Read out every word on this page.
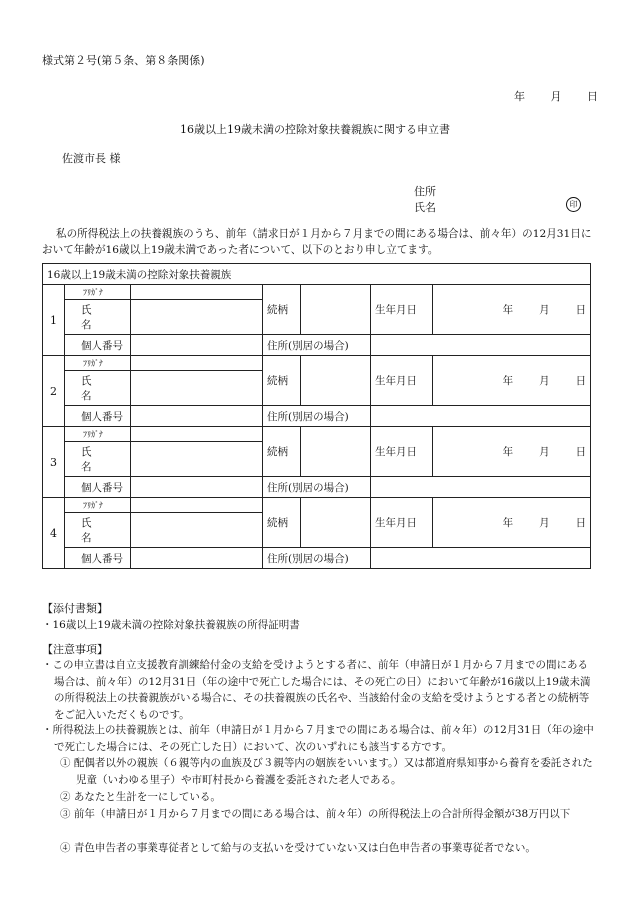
様式第２号(第５条、第８条関係)
年 月 日
16歳以上19歳未満の控除対象扶養親族に関する申立書
佐渡市長 様
住所
氏名	印
私の所得税法上の扶養親族のうち、前年（請求日が１月から７月までの間にある場合は、前々年）の12月31日において年齢が16歳以上19歳未満であった者について、以下のとおり申し立てます。
16歳以上19歳未満の控除対象扶養親族						
1	ﾌﾘｶﾞﾅ		続柄		生年月日	年 月 日
	氏名					
	個人番号		住所(別居の場合)			
2	ﾌﾘｶﾞﾅ		続柄		生年月日	年 月 日
	氏名					
	個人番号		住所(別居の場合)			
3	ﾌﾘｶﾞﾅ		続柄		生年月日	年 月 日
	氏名					
	個人番号		住所(別居の場合)			
4	ﾌﾘｶﾞﾅ		続柄		生年月日	年 月 日
	氏名					
	個人番号		住所(別居の場合)			
【添付書類】
・16歳以上19歳未満の控除対象扶養親族の所得証明書
【注意事項】
・この申立書は自立支援教育訓練給付金の支給を受けようとする者に、前年（申請日が１月から７月までの間にある場合は、前々年）の12月31日（年の途中で死亡した場合には、その死亡の日）において年齢が16歳以上19歳未満の所得税法上の扶養親族がいる場合に、その扶養親族の氏名や、当該給付金の支給を受けようとする者との続柄等をご記入いただくものです。
・所得税法上の扶養親族とは、前年（申請日が１月から７月までの間にある場合は、前々年）の12月31日（年の途中で死亡した場合には、その死亡した日）において、次のいずれにも該当する方です。
① 配偶者以外の親族（６親等内の血族及び３親等内の姻族をいいます。）又は都道府県知事から養育を委託された児童（いわゆる里子）や市町村長から養護を委託された老人である。
② あなたと生計を一にしている。
③ 前年（申請日が１月から７月までの間にある場合は、前々年）の所得税法上の合計所得金額が38万円以下
④ 青色申告者の事業専従者として給与の支払いを受けていない又は白色申告者の事業専従者でない。
